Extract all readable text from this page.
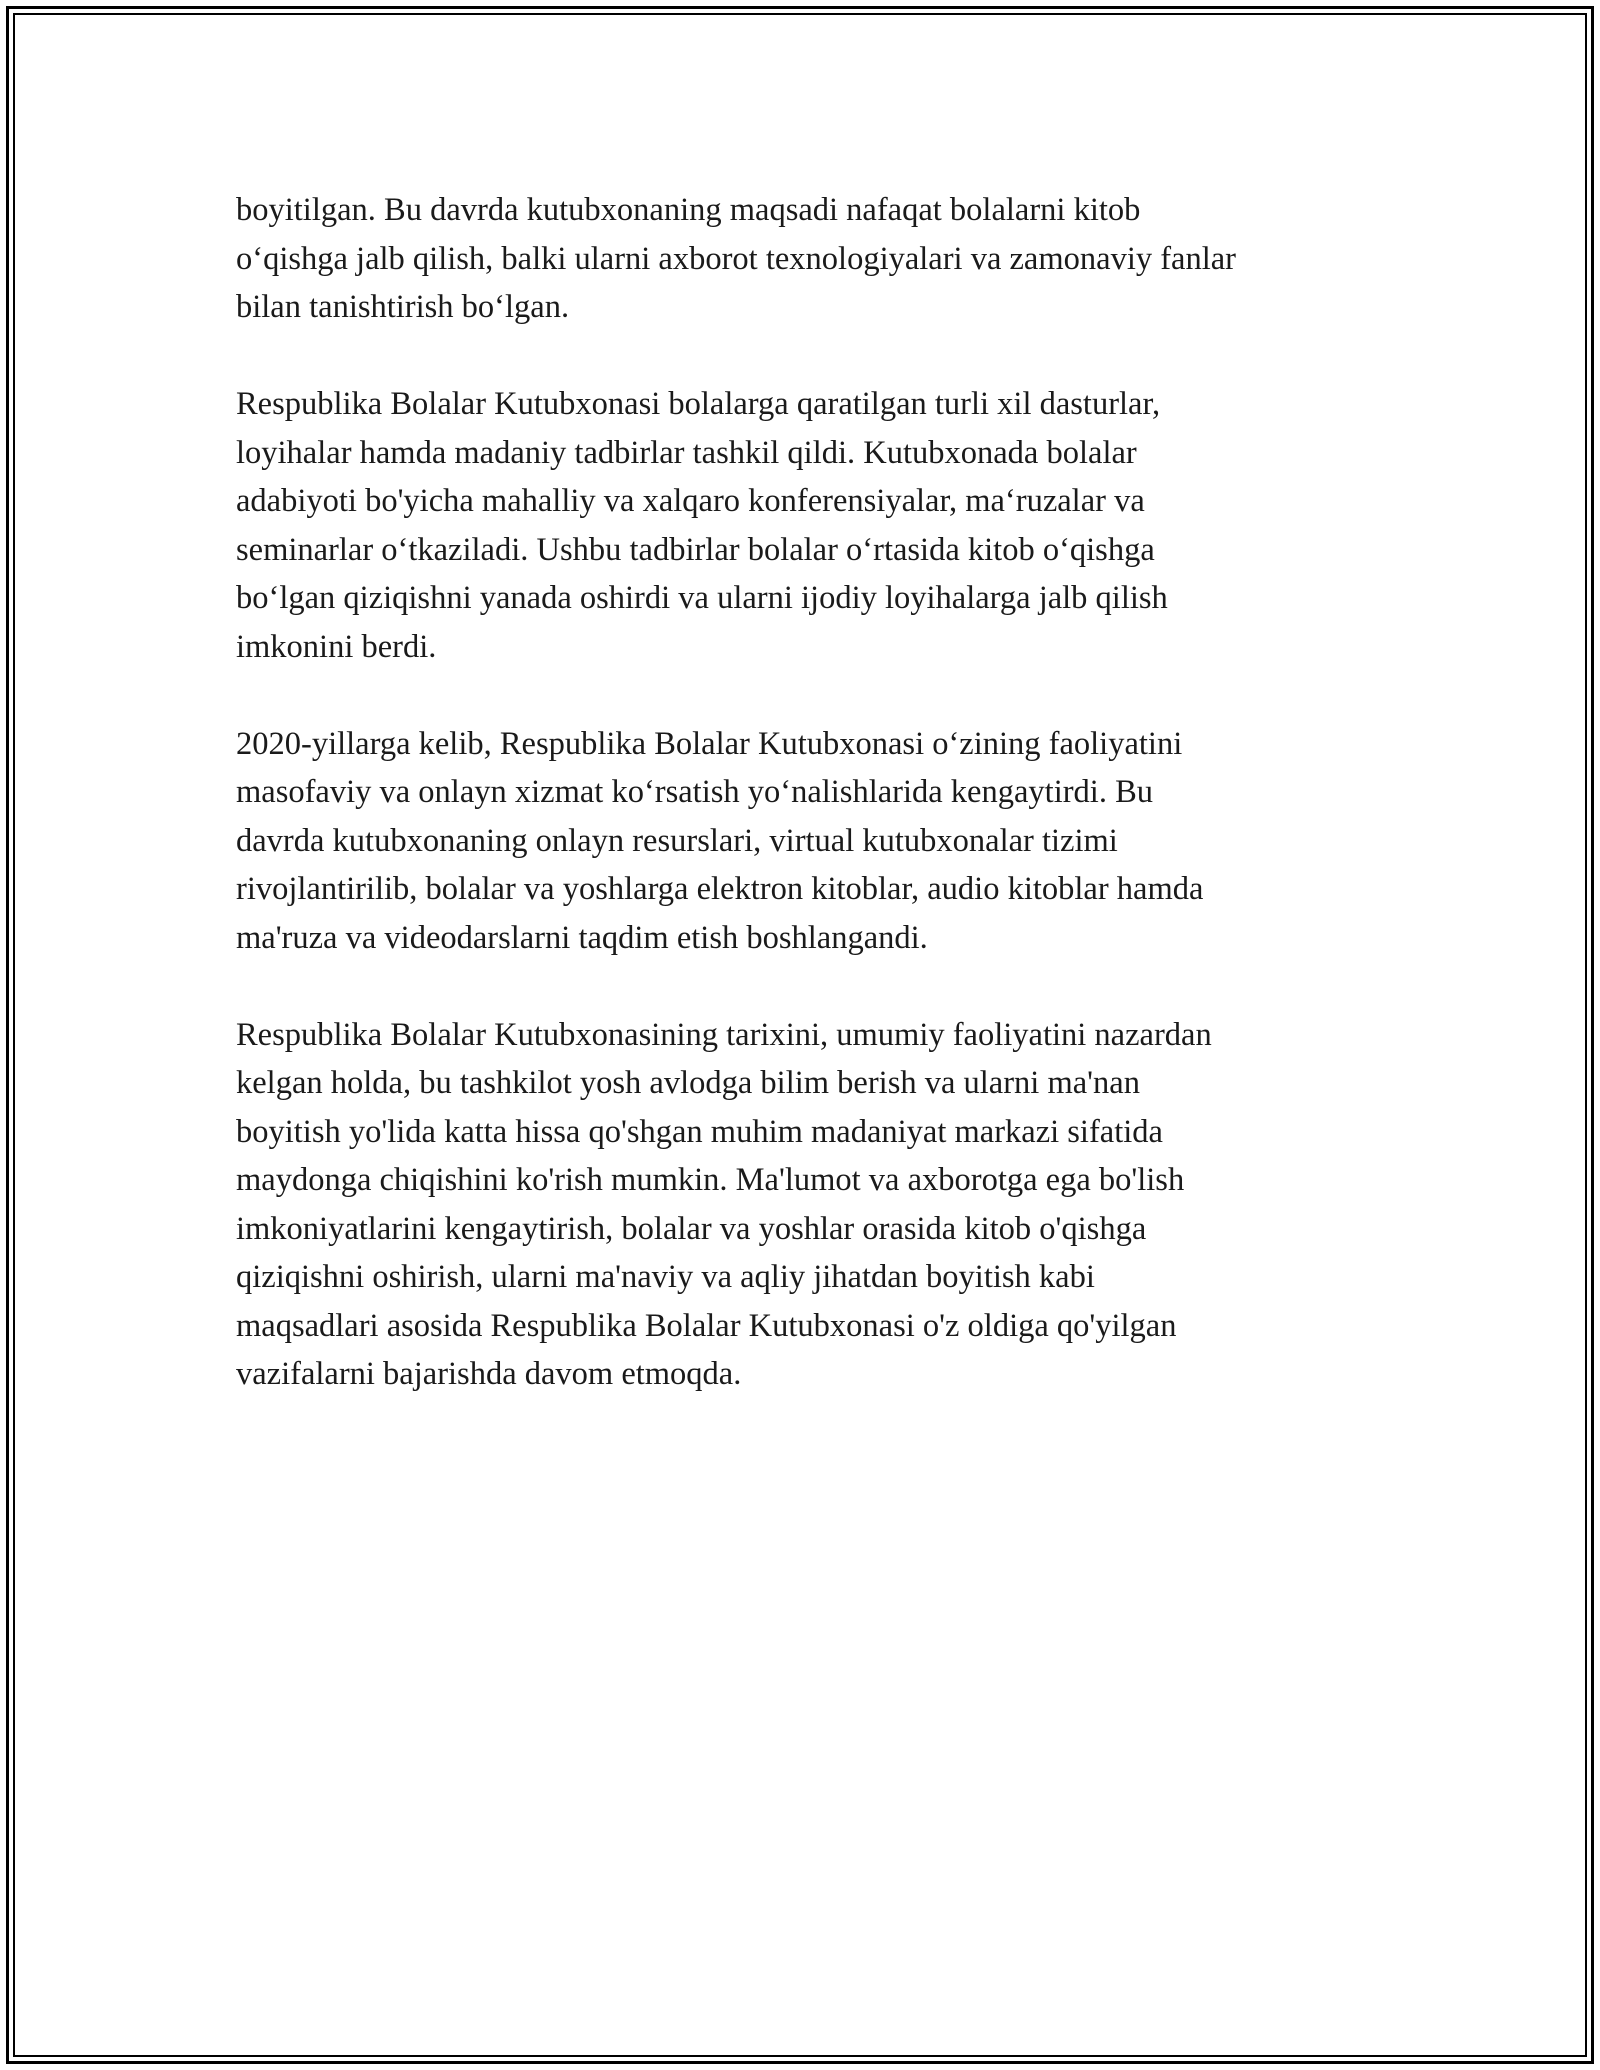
boyitilgan. Bu davrda kutubxonaning maqsadi nafaqat bolalarni kitob
o‘qishga jalb qilish, balki ularni axborot texnologiyalari va zamonaviy fanlar
bilan tanishtirish bo‘lgan.

Respublika Bolalar Kutubxonasi bolalarga qaratilgan turli xil dasturlar,
loyihalar hamda madaniy tadbirlar tashkil qildi. Kutubxonada bolalar
adabiyoti bo'yicha mahalliy va xalqaro konferensiyalar, ma‘ruzalar va
seminarlar o‘tkaziladi. Ushbu tadbirlar bolalar o‘rtasida kitob o‘qishga
bo‘lgan qiziqishni yanada oshirdi va ularni ijodiy loyihalarga jalb qilish
imkonini berdi.

2020-yillarga kelib, Respublika Bolalar Kutubxonasi o‘zining faoliyatini
masofaviy va onlayn xizmat ko‘rsatish yo‘nalishlarida kengaytirdi. Bu
davrda kutubxonaning onlayn resurslari, virtual kutubxonalar tizimi
rivojlantirilib, bolalar va yoshlarga elektron kitoblar, audio kitoblar hamda
ma'ruza va videodarslarni taqdim etish boshlangandi.

Respublika Bolalar Kutubxonasining tarixini, umumiy faoliyatini nazardan
kelgan holda, bu tashkilot yosh avlodga bilim berish va ularni ma'nan
boyitish yo'lida katta hissa qo'shgan muhim madaniyat markazi sifatida
maydonga chiqishini ko'rish mumkin. Ma'lumot va axborotga ega bo'lish
imkoniyatlarini kengaytirish, bolalar va yoshlar orasida kitob o'qishga
qiziqishni oshirish, ularni ma'naviy va aqliy jihatdan boyitish kabi
maqsadlari asosida Respublika Bolalar Kutubxonasi o'z oldiga qo'yilgan
vazifalarni bajarishda davom etmoqda.
